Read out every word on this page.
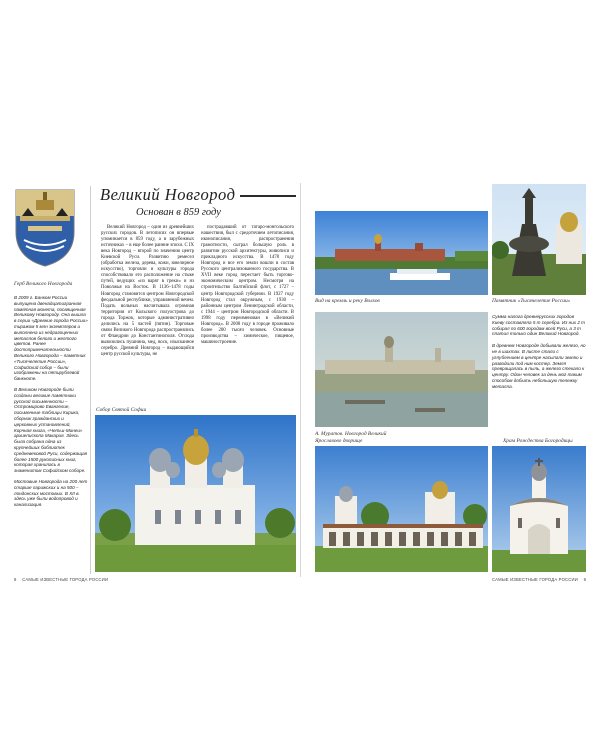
Герб Великого Новгорода

В 2009 г. Банком России выпущена двенадцатигранная памятная монета, посвященная Великому Новгороду. Она вышла в серии «Древние города России» тиражом 5 млн экземпляров и выполнена из недрагоценных металлов белого и желтого цветов. Ранее достопримечательности Великого Новгорода – памятник «Тысячелетие России», Софийский собор – были изображены на пятирублевой банкноте.

В Великом Новгороде были созданы великие памятники русской письменности – Остромирово Евангелие, письменные таблицы Кирика, сборник гражданских и церковных установлений, Корчная книга, «Четьи-Минеи» архиепископа Макария. Здесь была собрана одна из крупнейших библиотек средневековой Руси, содержащая более 1500 рукописных книг, которая хранилась в знаменитом Софийском соборе.

Мостовые Новгорода на 200 лет старше парижских и на 500 – лондонских мостовых. В XII в. здесь уже были водопровод и канализация.

Великий Новгород
Основан в 859 году

Великий Новгород – один из древнейших русских городов. В летописях он впервые упоминается в 859 году, а в зарубежных источниках – в еще более ранние эпохи. С IX века Новгород – второй по значению центр Киевской Руси. Развитию ремесел (обработка железа, дерева, кожи, ювелирное искусство), торговли и культуры города способствовало его расположение на стыке путей, ведущих «из варяг в греки» и из Поволжья на Восток. В 1136–1478 годы Новгород становится центром Новгородской феодальной республики, управляемой вечем. Подать вольных насчитывала огромная территория от Кольского полуострова до города Торжок, которые административно делились на 5 частей (пятин). Торговые связи Великого Новгорода распространялись от Фландрии до Константинополя. Отсюда вывозились пушнина, мед, воск, изысканное серебро. Древний Новгород – выдающийся центр русской культуры, не

пострадавший от татаро-монгольского нашествия, был с средоточием летописания, иконописания, распространения грамотности, сыграл большую роль в развитии русской архитектуры, живописи и прикладного искусства. В 1478 году Новгород и все его земли вошли в состав Русского централизованного государства. В XVII веке город перестает быть торгово-экономическим центром. Несмотря на строительство Балтийский флот, с 1727 – центр Новгородской губернии. В 1927 году Новгород стал окружным, с 1930 – районным центром Ленинградской области, с 1944 – центром Новгородской области. В 1998 году переименован в «Великий Новгород». В 2008 году в городе проживало более 200 тысяч человек. Основные производства – химическое, пищевое, машиностроение.

Собор Святой Софии
8 САМЫЕ ИЗВЕСТНЫЕ ГОРОДА РОССИИ
Вид на кремль и реку Волхов	Памятник «Тысячелетие России»
А. Муратов. Новгород Великий

Сумма налога древнерусских городов Киеву составляла 5 т серебра. Из них 2 т собирал по 600 городам всей Руси, а 3 т платил только один Великий Новгород.

В древнем Новгороде добывали железо, но не в шахтах. В листе стали с углублением в центре насыпали землю и разводили под ним костер. Земля превращалась в пыль, а железо стекало к центру. Один человек за день мог таким способом добыть небольшую тележку металла.

Ярославово дворище	Храм Рождества Богородицы
САМЫЕ ИЗВЕСТНЫЕ ГОРОДА РОССИИ 9
